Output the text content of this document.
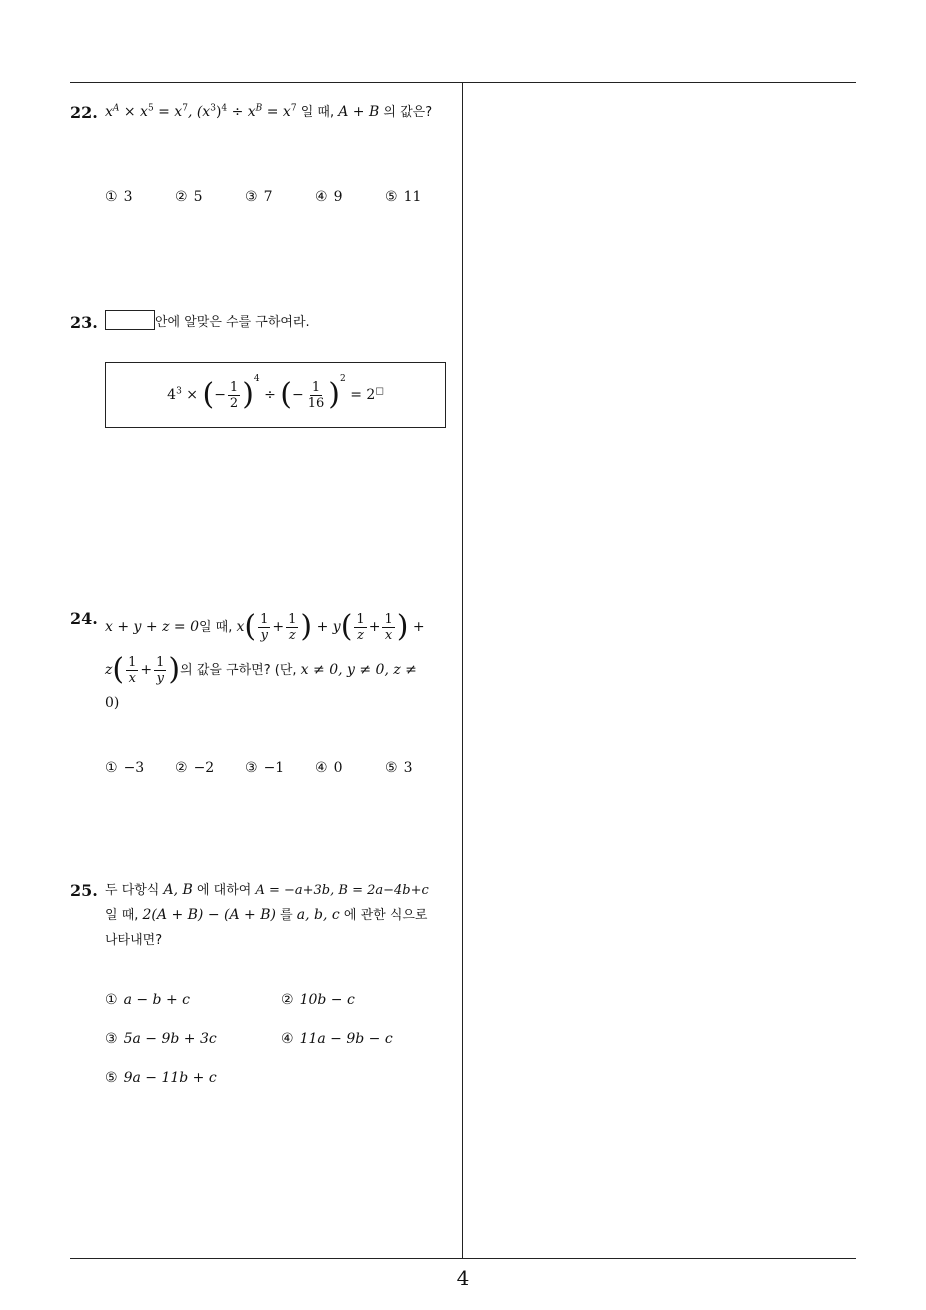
22. $x^A \times x^5 = x^7$, $(x^3)^4 \div x^B = x^7$ 일 때, A + B 의 값은?
① 3	② 5	③ 7	④ 9	⑤ 11
23.	안에 알맞은 수를 구하여라.
$4^3$ × (− $\frac{1}{2} )^4$ ÷ (− $\frac{1}{16} )^2 = 2^□$
24. x + y + z = 0일 때, $x( \frac{1}{y} + \frac{1}{z}$ ) + $y( \frac{1}{z} + \frac{1}{x}$ ) +
$z( \frac{1}{x} + \frac{1}{y}$ )의 값을 구하면? (단, x ≠ 0, y ≠ 0, z ≠
0)
① −3 ② −2 ③ −1 ④ 0	⑤ 3
25. 두 다항식 A, B 에 대하여 A = −a+3b, B = 2a−4b+c
일 때, 2(A + B) − (A + B) 를 a, b, c 에 관한 식으로
나타내면?
① a − b + c	② 10b − c
③ 5a − 9b + 3c	④ 11a − 9b − c
⑤ 9a − 11b + c
4
